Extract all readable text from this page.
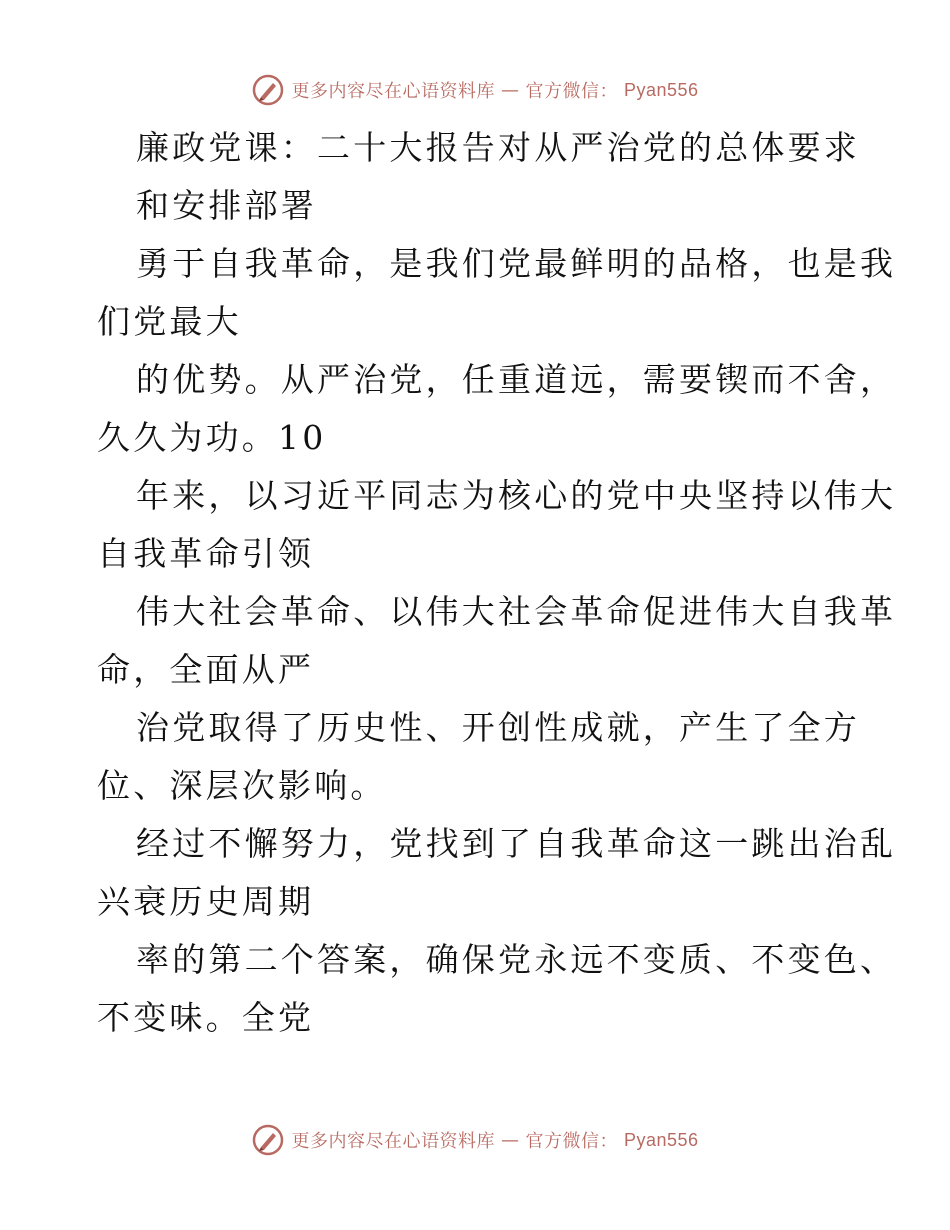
更多内容尽在心语资料库 — 官方微信： Pyan556
廉政党课：二十大报告对从严治党的总体要求
和安排部署
勇于自我革命，是我们党最鲜明的品格，也是我
们党最大
的优势。从严治党，任重道远，需要锲而不舍，
久久为功。10
年来，以习近平同志为核心的党中央坚持以伟大
自我革命引领
伟大社会革命、以伟大社会革命促进伟大自我革
命，全面从严
治党取得了历史性、开创性成就，产生了全方
位、深层次影响。
经过不懈努力，党找到了自我革命这一跳出治乱
兴衰历史周期
率的第二个答案，确保党永远不变质、不变色、
不变味。全党
更多内容尽在心语资料库 — 官方微信： Pyan556
